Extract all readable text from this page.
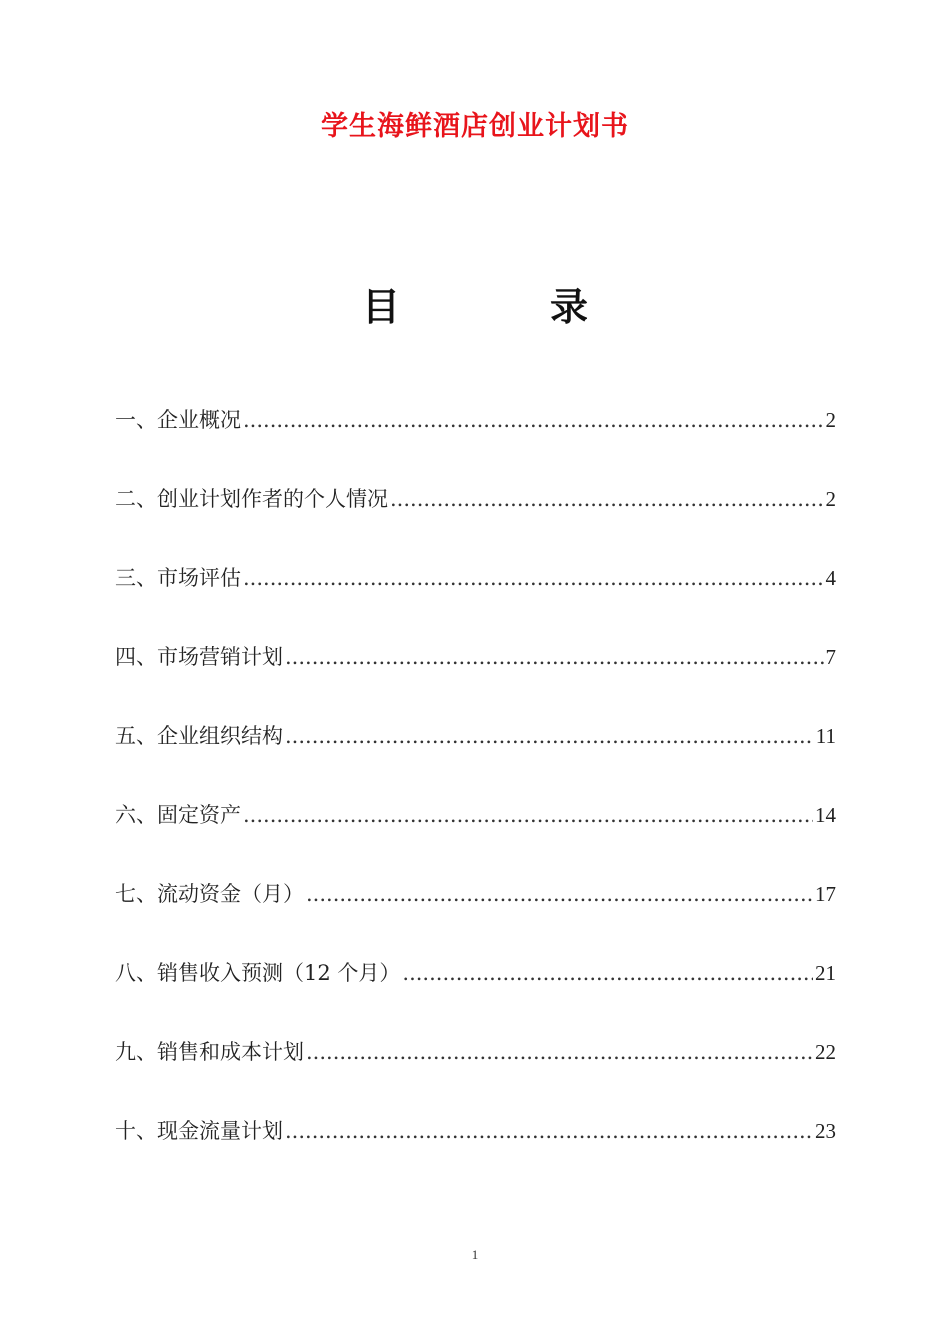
学生海鲜酒店创业计划书
目　录
一、企业概况 .....	2
二、创业计划作者的个人情况 .....	2
三、市场评估 .....	4
四、市场营销计划 .....	7
五、企业组织结构 .....	11
六、固定资产 .....	14
七、流动资金（月） .....	17
八、销售收入预测（12 个月） .....	21
九、销售和成本计划 .....	22
十、现金流量计划 .....	23
1
